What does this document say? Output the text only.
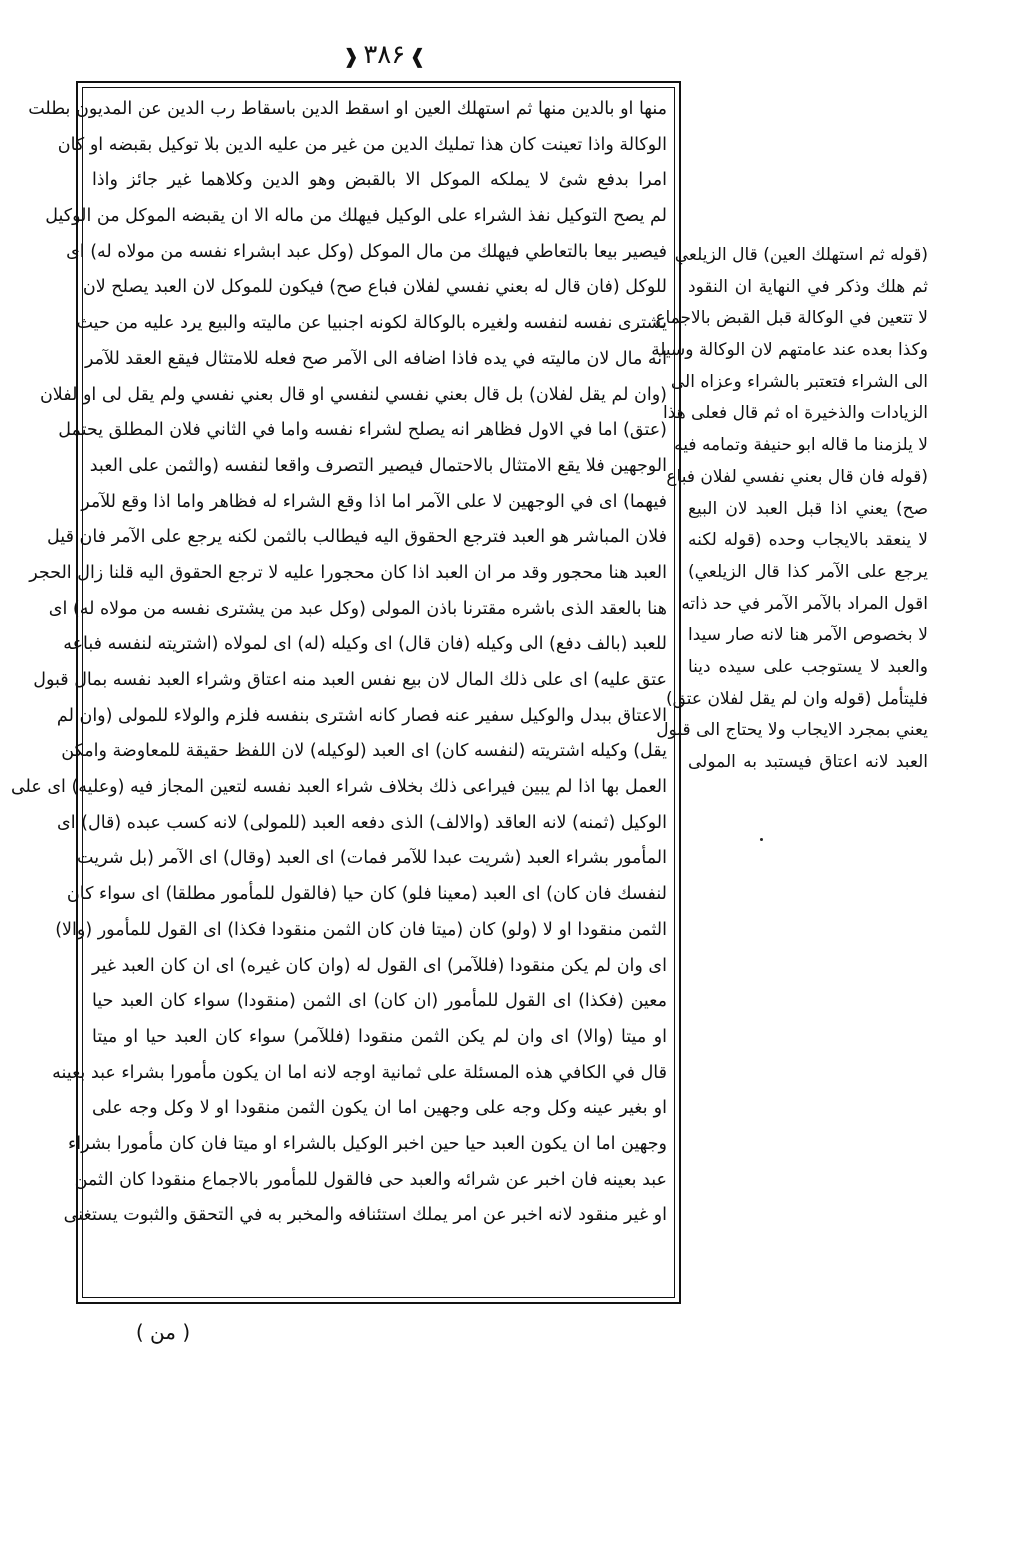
❱۳۸۶❰
منها او بالدين منها ثم استهلك العين او اسقط الدين باسقاط رب الدين عن المديون بطلت
الوكالة واذا تعينت كان هذا تمليك الدين من غير من عليه الدين بلا توكيل بقبضه او كان
امرا بدفع شئ لا يملكه الموكل الا بالقبض وهو الدين وكلاهما غير جائز واذا
لم يصح التوكيل نفذ الشراء على الوكيل فيهلك من ماله الا ان يقبضه الموكل من الوكيل
فيصير بيعا بالتعاطي فيهلك من مال الموكل (وكل عبد ابشراء نفسه من مولاه له) اى
للوكل (فان قال له بعني نفسي لفلان فباع صح) فيكون للموكل لان العبد يصلح لان
يشترى نفسه لنفسه ولغيره بالوكالة لكونه اجنبيا عن ماليته والبيع يرد عليه من حيث
انه مال لان ماليته في يده فاذا اضافه الى الآمر صح فعله للامتثال فيقع العقد للآمر
(وان لم يقل لفلان) بل قال بعني نفسي لنفسي او قال بعني نفسي ولم يقل لى او لفلان
(عتق) اما في الاول فظاهر انه يصلح لشراء نفسه واما في الثاني فلان المطلق يحتمل
الوجهين فلا يقع الامتثال بالاحتمال فيصير التصرف واقعا لنفسه (والثمن على العبد
فيهما) اى في الوجهين لا على الآمر اما اذا وقع الشراء له فظاهر واما اذا وقع للآمر
فلان المباشر هو العبد فترجع الحقوق اليه فيطالب بالثمن لكنه يرجع على الآمر فان قيل
العبد هنا محجور وقد مر ان العبد اذا كان محجورا عليه لا ترجع الحقوق اليه قلنا زال الحجر
هنا بالعقد الذى باشره مقترنا باذن المولى (وكل عبد من يشترى نفسه من مولاه له) اى
للعبد (بالف دفع) الى وكيله (فان قال) اى وكيله (له) اى لمولاه (اشتريته لنفسه فباعه
عتق عليه) اى على ذلك المال لان بيع نفس العبد منه اعتاق وشراء العبد نفسه بمال قبول
الاعتاق ببدل والوكيل سفير عنه فصار كانه اشترى بنفسه فلزم والولاء للمولى (وان لم
يقل) وكيله اشتريته (لنفسه كان) اى العبد (لوكيله) لان اللفظ حقيقة للمعاوضة وامكن
العمل بها اذا لم يبين فيراعى ذلك بخلاف شراء العبد نفسه لتعين المجاز فيه (وعليه) اى على
الوكيل (ثمنه) لانه العاقد (والالف) الذى دفعه العبد (للمولى) لانه كسب عبده (قال) اى
المأمور بشراء العبد (شريت عبدا للآمر فمات) اى العبد (وقال) اى الآمر (بل شريت
لنفسك فان كان) اى العبد (معينا فلو) كان حيا (فالقول للمأمور مطلقا) اى سواء كان
الثمن منقودا او لا (ولو) كان (ميتا فان كان الثمن منقودا فكذا) اى القول للمأمور (والا)
اى وان لم يكن منقودا (فللآمر) اى القول له (وان كان غيره) اى ان كان العبد غير
معين (فكذا) اى القول للمأمور (ان كان) اى الثمن (منقودا) سواء كان العبد حيا
او ميتا (والا) اى وان لم يكن الثمن منقودا (فللآمر) سواء كان العبد حيا او ميتا
قال في الكافي هذه المسئلة على ثمانية اوجه لانه اما ان يكون مأمورا بشراء عبد بعينه
او بغير عينه وكل وجه على وجهين اما ان يكون الثمن منقودا او لا وكل وجه على
وجهين اما ان يكون العبد حيا حين اخبر الوكيل بالشراء او ميتا فان كان مأمورا بشراء
عبد بعينه فان اخبر عن شرائه والعبد حى فالقول للمأمور بالاجماع منقودا كان الثمن
او غير منقود لانه اخبر عن امر يملك استئنافه والمخبر به في التحقق والثبوت يستغنى
(قوله ثم استهلك العين) قال الزيلعي
ثم هلك وذكر في النهاية ان النقود
لا تتعين في الوكالة قبل القبض بالاجماع
وكذا بعده عند عامتهم لان الوكالة وسيلة
الى الشراء فتعتبر بالشراء وعزاه الى
الزيادات والذخيرة اه ثم قال فعلى هذا
لا يلزمنا ما قاله ابو حنيفة وتمامه فيه
(قوله فان قال بعني نفسي لفلان فباع
صح) يعني اذا قبل العبد لان البيع
لا ينعقد بالايجاب وحده (قوله لكنه
يرجع على الآمر كذا قال الزيلعي)
اقول المراد بالآمر الآمر في حد ذاته
لا بخصوص الآمر هنا لانه صار سيدا
والعبد لا يستوجب على سيده دينا
فليتأمل (قوله وان لم يقل لفلان عتق)
يعني بمجرد الايجاب ولا يحتاج الى قبول
العبد لانه اعتاق فيستبد به المولى
( من )
